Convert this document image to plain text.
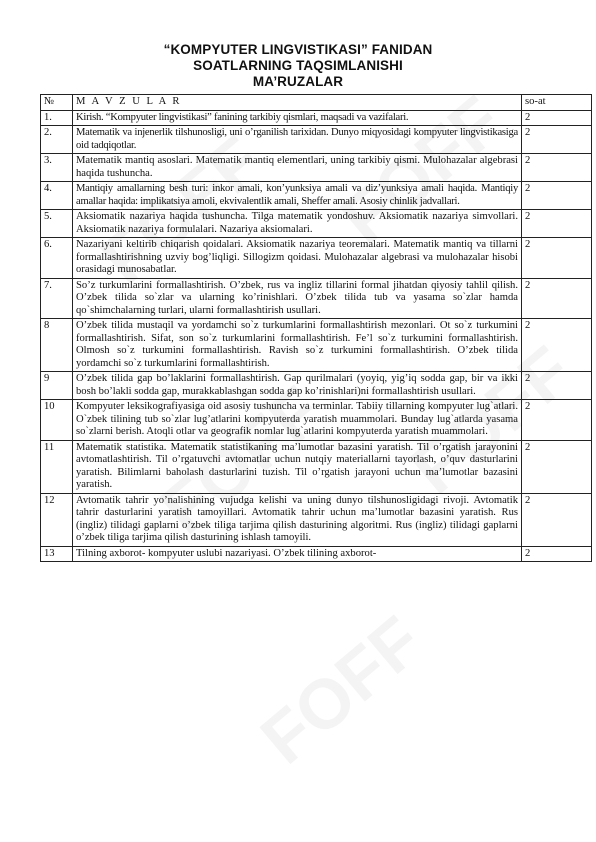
“KOMPYUTER LINGVISTIKASI” FANIDAN
SOATLARNING TAQSIMLANISHI
MA’RUZALAR
№	M A V Z U L A R	so-at
1.	Kirish. “Kompyuter lingvistikasi” fanining tarkibiy qismlari, maqsadi va vazifalari.	2
2.	Matematik va injenerlik tilshunosligi, uni o’rganilish tarixidan. Dunyo miqyosidagi kompyuter lingvistikasiga oid tadqiqotlar.	2
3.	Matematik mantiq asoslari. Matematik mantiq elementlari, uning tarkibiy qismi. Mulohazalar algebrasi haqida tushuncha.	2
4.	Mantiqiy amallarning besh turi: inkor amali, kon’yunksiya amali va diz’yunksiya amali haqida. Mantiqiy amallar haqida: implikatsiya amoli, ekvivalentlik amali, Sheffer amali. Asosiy chinlik jadvallari.	2
5.	Aksiomatik nazariya haqida tushuncha. Tilga matematik yondoshuv. Aksiomatik nazariya simvollari. Aksiomatik nazariya formulalari. Nazariya aksiomalari.	2
6.	Nazariyani keltirib chiqarish qoidalari. Aksiomatik nazariya teoremalari. Matematik mantiq va tillarni formallashtirishning uzviy bog’liqligi. Sillogizm qoidasi. Mulohazalar algebrasi va mulohazalar hisobi orasidagi munosabatlar.	2
7.	So’z turkumlarini formallashtirish. O’zbek, rus va ingliz tillarini formal jihatdan qiyosiy tahlil qilish. O’zbek tilida so`zlar va ularning ko’rinishlari. O’zbek tilida tub va yasama so`zlar hamda qo`shimchalarning turlari, ularni formallashtirish usullari.	2
8	O’zbek tilida mustaqil va yordamchi so`z turkumlarini formallashtirish mezonlari. Ot so`z turkumini formallashtirish. Sifat, son so`z turkumlarini formallashtirish. Fe’l so`z turkumini formallashtirish. Olmosh so`z turkumini formallashtirish. Ravish so`z turkumini formallashtirish. O’zbek tilida yordamchi so`z turkumlarini formallashtirish.	2
9	O’zbek tilida gap bo’laklarini formallashtirish. Gap qurilmalari (yoyiq, yig’iq sodda gap, bir va ikki bosh bo’lakli sodda gap, murakkablashgan sodda gap ko’rinishlari)ni formallashtirish usullari.	2
10	Kompyuter leksikografiyasiga oid asosiy tushuncha va terminlar. Tabiiy tillarning kompyuter lug`atlari. O`zbek tilining tub so`zlar lug’atlarini kompyuterda yaratish muammolari. Bunday lug`atlarda yasama so`zlarni berish. Atoqli otlar va geografik nomlar lug`atlarini kompyuterda yaratish muammolari.	2
11	Matematik statistika. Matematik statistikaning ma’lumotlar bazasini yaratish. Til o’rgatish jarayonini avtomatlashtirish. Til o’rgatuvchi avtomatlar uchun nutqiy materiallarni tayorlash, o’quv dasturlarini yaratish. Bilimlarni baholash dasturlarini tuzish. Til o’rgatish jarayoni uchun ma’lumotlar bazasini yaratish.	2
12	Avtomatik tahrir yo’nalishining vujudga kelishi va uning dunyo tilshunosligidagi rivoji. Avtomatik tahrir dasturlarini yaratish tamoyillari. Avtomatik tahrir uchun ma’lumotlar bazasini yaratish. Rus (ingliz) tilidagi gaplarni o’zbek tiliga tarjima qilish dasturining algoritmi. Rus (ingliz) tilidagi gaplarni o’zbek tiliga tarjima qilish dasturining ishlash tamoyili.	2
13	Tilning axborot- kompyuter uslubi nazariyasi. O’zbek tilining axborot-	2
